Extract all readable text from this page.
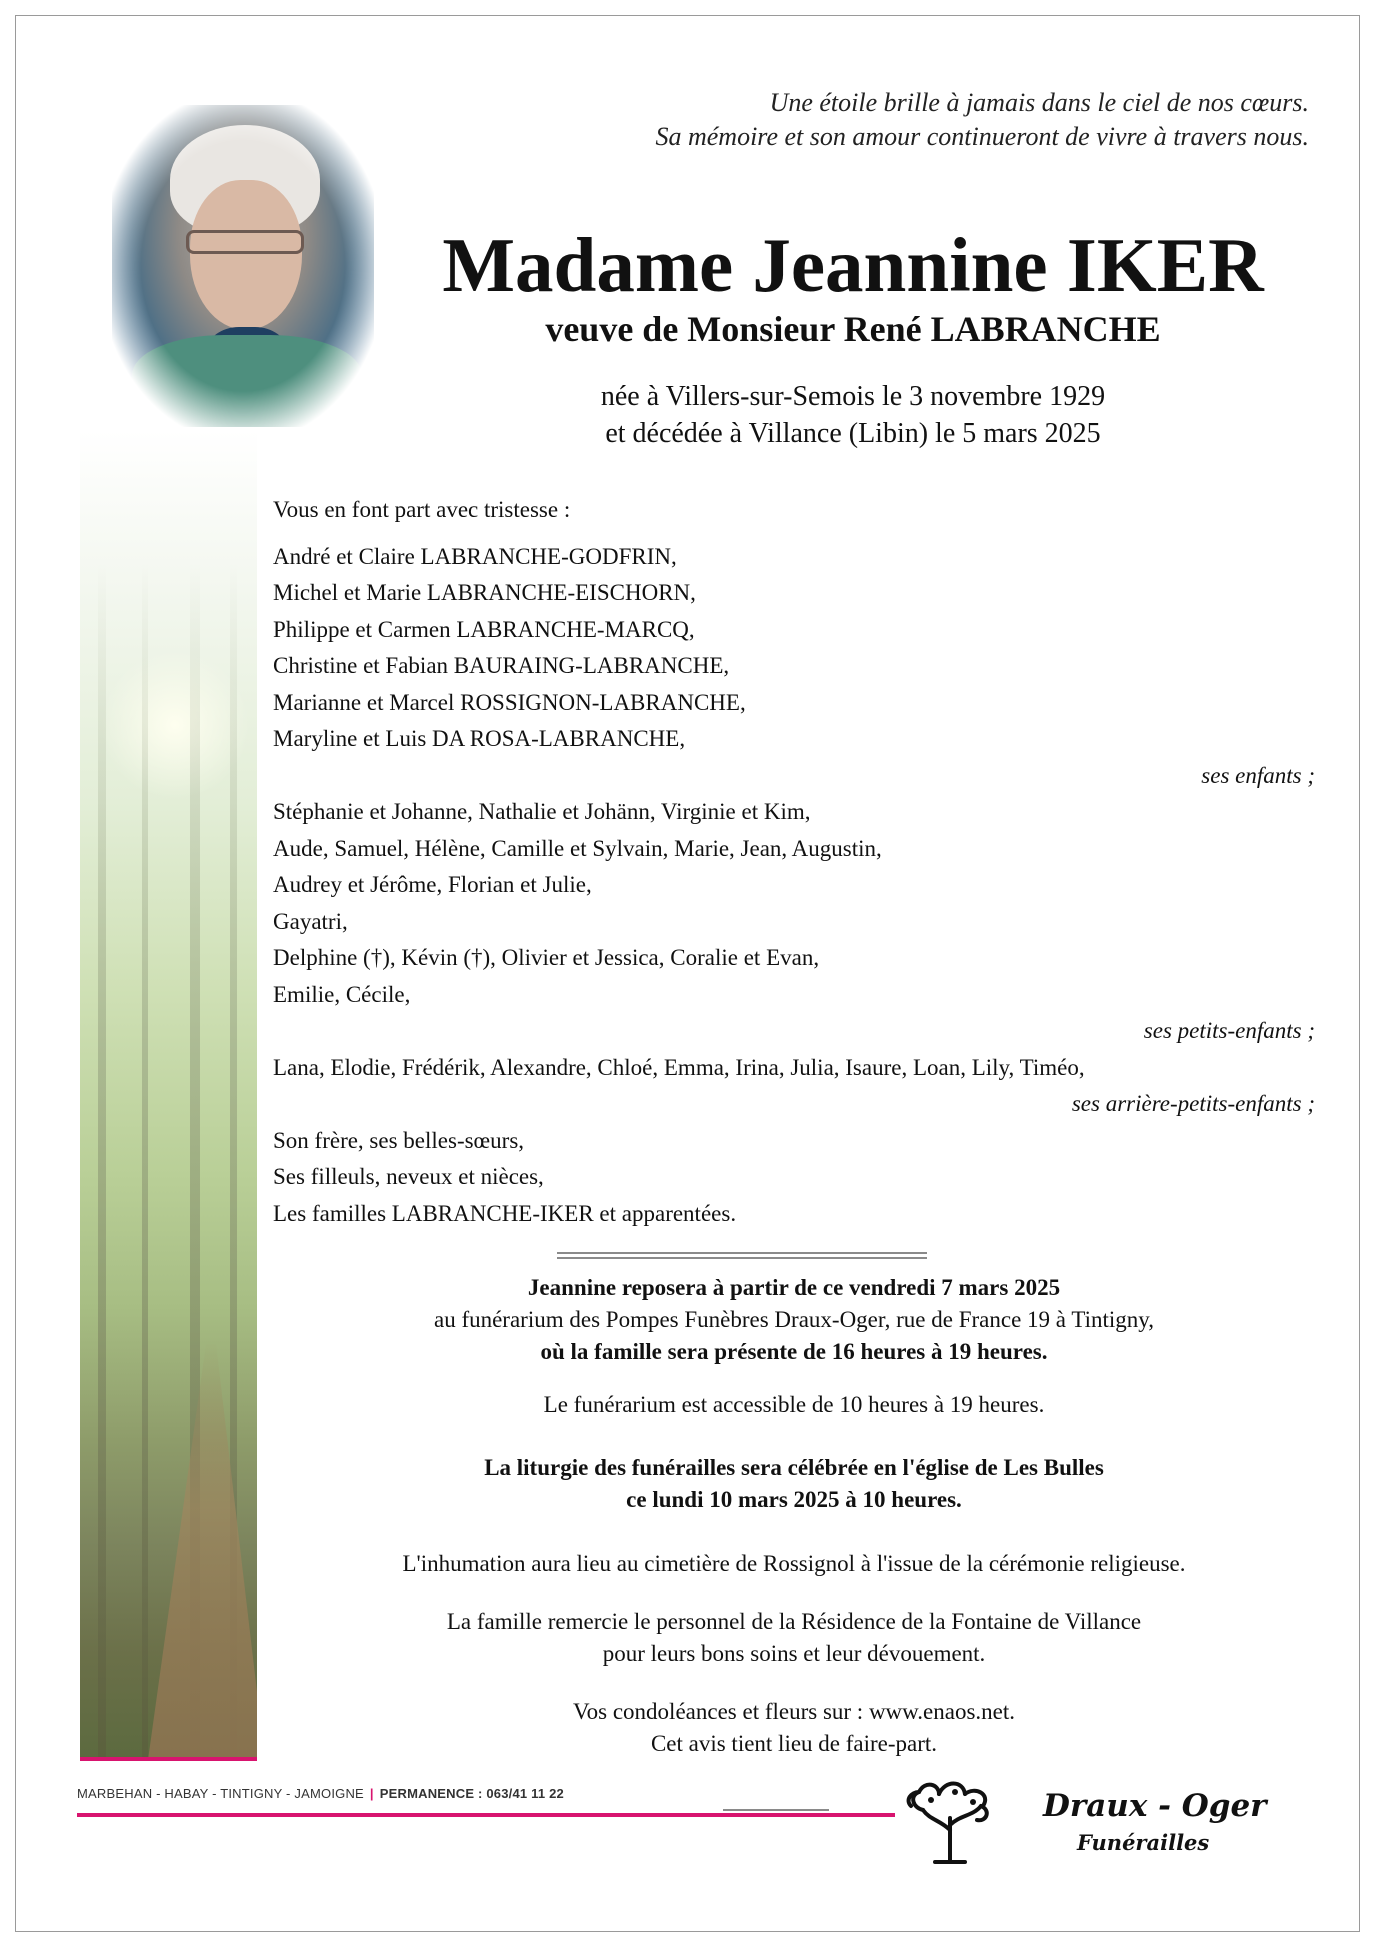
Une étoile brille à jamais dans le ciel de nos cœurs.
Sa mémoire et son amour continueront de vivre à travers nous.
Madame Jeannine IKER
veuve de Monsieur René LABRANCHE
née à Villers-sur-Semois le 3 novembre 1929
et décédée à Villance (Libin) le 5 mars 2025
Vous en font part avec tristesse :
André et Claire LABRANCHE-GODFRIN,
Michel et Marie LABRANCHE-EISCHORN,
Philippe et Carmen LABRANCHE-MARCQ,
Christine et Fabian BAURAING-LABRANCHE,
Marianne et Marcel ROSSIGNON-LABRANCHE,
Maryline et Luis DA ROSA-LABRANCHE,
ses enfants ;
Stéphanie et Johanne, Nathalie et Johänn, Virginie et Kim,
Aude, Samuel, Hélène, Camille et Sylvain, Marie, Jean, Augustin,
Audrey et Jérôme, Florian et Julie,
Gayatri,
Delphine (†), Kévin (†), Olivier et Jessica, Coralie et Evan,
Emilie, Cécile,
ses petits-enfants ;
Lana, Elodie, Frédérik, Alexandre, Chloé, Emma, Irina, Julia, Isaure, Loan, Lily, Timéo,
ses arrière-petits-enfants ;
Son frère, ses belles-sœurs,
Ses filleuls, neveux et nièces,
Les familles LABRANCHE-IKER et apparentées.
Jeannine reposera à partir de ce vendredi 7 mars 2025
au funérarium des Pompes Funèbres Draux-Oger, rue de France 19 à Tintigny,
où la famille sera présente de 16 heures à 19 heures.
Le funérarium est accessible de 10 heures à 19 heures.
La liturgie des funérailles sera célébrée en l'église de Les Bulles
ce lundi 10 mars 2025 à 10 heures.
L'inhumation aura lieu au cimetière de Rossignol à l'issue de la cérémonie religieuse.
La famille remercie le personnel de la Résidence de la Fontaine de Villance
pour leurs bons soins et leur dévouement.
Vos condoléances et fleurs sur : www.enaos.net.
Cet avis tient lieu de faire-part.
MARBEHAN - HABAY - TINTIGNY - JAMOIGNE | PERMANENCE : 063/41 11 22	Draux - Oger
Funérailles
